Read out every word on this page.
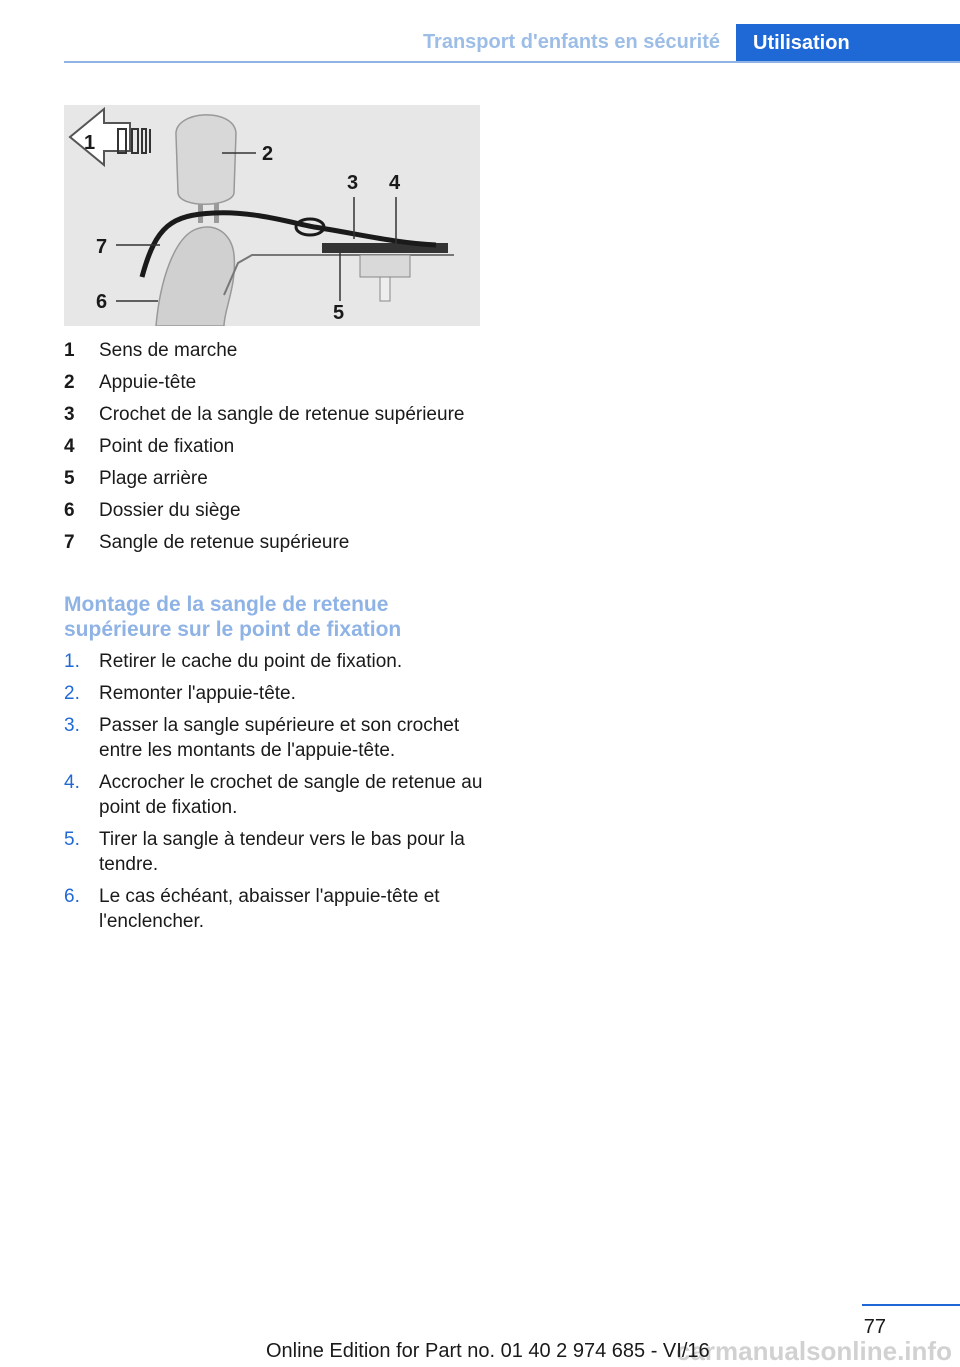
Transport d'enfants en sécurité	Utilisation
1	2
3 4
5
6
7
1	Sens de marche
2	Appuie-tête
3	Crochet de la sangle de retenue supérieure
4	Point de fixation
5	Plage arrière
6	Dossier du siège
7	Sangle de retenue supérieure
Montage de la sangle de retenue supérieure sur le point de fixation
1.	Retirer le cache du point de fixation.
2.	Remonter l'appuie-tête.
3.	Passer la sangle supérieure et son crochet entre les montants de l'appuie-tête.
4.	Accrocher le crochet de sangle de retenue au point de fixation.
5.	Tirer la sangle à tendeur vers le bas pour la tendre.
6.	Le cas échéant, abaisser l'appuie-tête et l'enclencher.
77
carmanualsonline.info
Online Edition for Part no. 01 40 2 974 685 - VI/16
